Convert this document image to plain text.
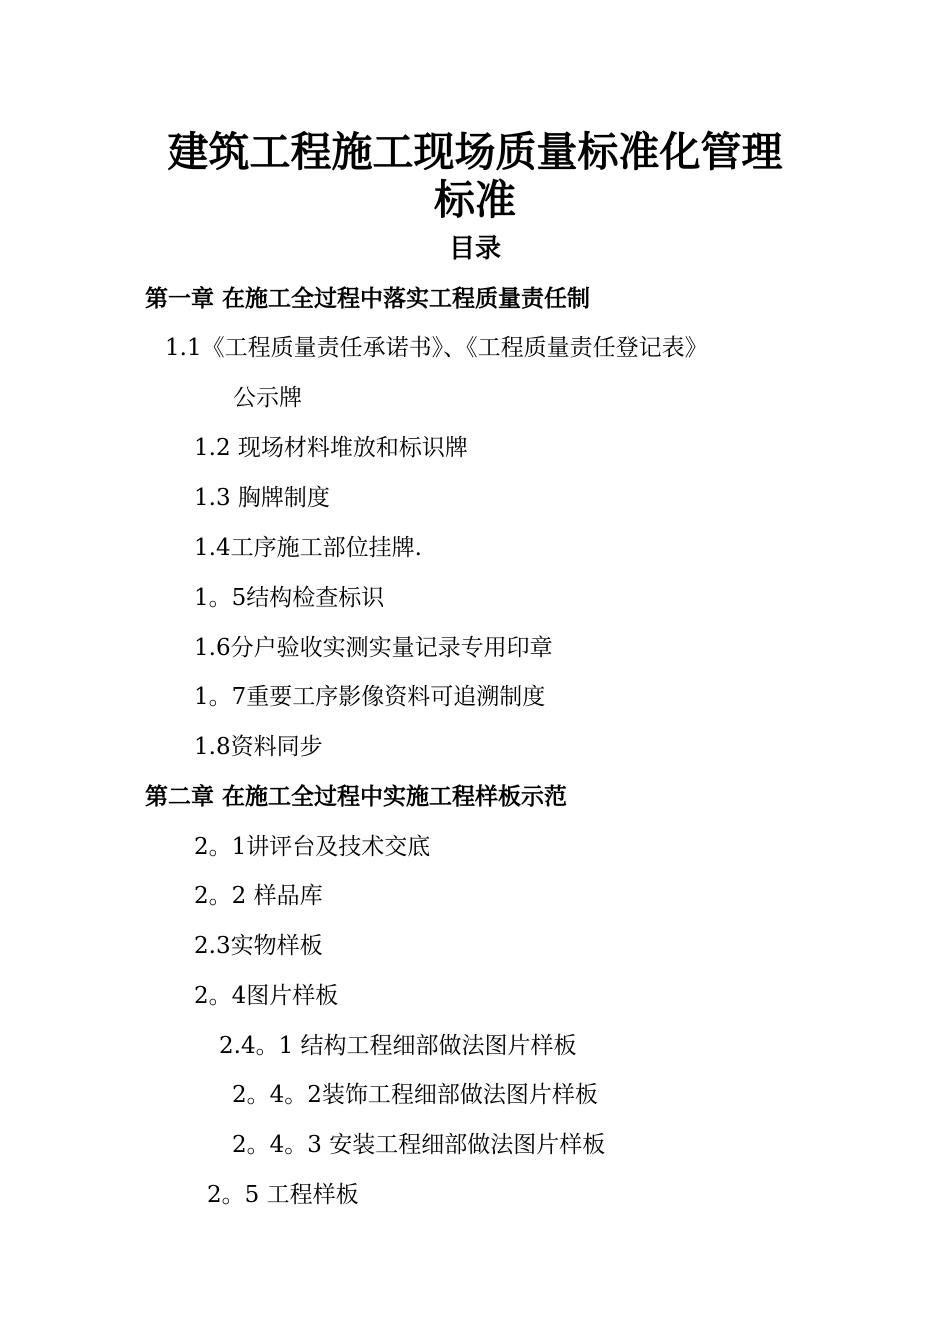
建筑工程施工现场质量标准化管理
标准
目录
第一章 在施工全过程中落实工程质量责任制
1.1《工程质量责任承诺书》、《工程质量责任登记表》
公示牌
1.2 现场材料堆放和标识牌
1.3 胸牌制度
1.4工序施工部位挂牌.
1。5结构检查标识
1.6分户验收实测实量记录专用印章
1。7重要工序影像资料可追溯制度
1.8资料同步
第二章 在施工全过程中实施工程样板示范
2。1讲评台及技术交底
2。2 样品库
2.3实物样板
2。4图片样板
2.4。1 结构工程细部做法图片样板
2。4。2装饰工程细部做法图片样板
2。4。3 安装工程细部做法图片样板
2。5 工程样板
